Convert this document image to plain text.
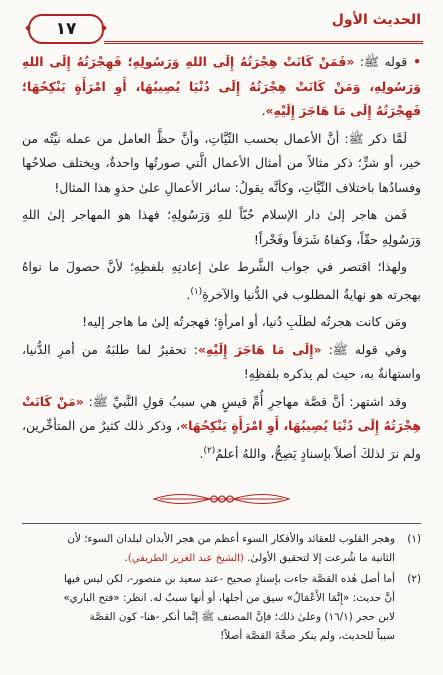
١٧	الحديث الأول

• قوله ﷺ: «فَمَنْ كَانَتْ هِجْرَتُهُ إِلَى اللهِ وَرَسُولِهِ؛ فَهِجْرَتُهُ إِلَى اللهِ وَرَسُولِهِ، وَمَنْ كَانَتْ هِجْرَتُهُ إِلَى دُنْيَا يُصِيبُهَا، أَوِ امْرَأَةٍ يَنْكِحُهَا؛ فَهِجْرَتُهُ إِلَى مَا هَاجَرَ إِلَيْهِ».

لَمَّا ذكر ﷺ: أنَّ الأعمال بحسب النِّيَّاتِ، وأنَّ حظَّ العامل من عمله نيَّتُه من خير، أو شرٍّ؛ ذكر مثالاً من أمثال الأعمال الَّتي صورتُها واحدةٌ، ويختلف صلاحُها وفسادُها باختلاف النِّيَّاتِ، وكأنَّه يقولُ: سائر الأعمالِ علىٰ حذوِ هذا المثال!

فَمن هاجر إلىٰ دار الإسلام حُبّاً للهِ وَرَسُولِهِ؛ فهذا هو المهاجر إلىٰ اللهِ وَرَسُولِهِ حقّاً، وكفاهُ شَرَفاً وفَخْراً!

ولهذا؛ اقتصر في جواب الشَّرط علىٰ إعادتِهِ بلفظِهِ؛ لأنَّ حصولَ ما نواهُ بهجرته هو نهايةُ المطلوب في الدُّنيا والآخرةِ$^{(١)}$.

ومَن كانت هجرتُه لطلَبِ دُنيا، أو امرأةٍ؛ فهجرتُه إلىٰ ما هاجر إليه!

وفي قوله ﷺ: «إِلَى مَا هَاجَرَ إِلَيْهِ»: تحقيرٌ لما طلبَهُ من أمرِ الدُّنيا، واستهانةٌ به، حيث لم يذكره بلفظِهِ!

وقد اشتهر: أنَّ قصَّة مهاجرِ أُمِّ قيسٍ هي سببُ قولِ النَّبيِّ ﷺ: «مَنْ كَانَتْ هِجْرَتُهُ إِلَى دُنْيَا يُصِيبُهَا، أَوِ امْرَأَةٍ يَنْكِحُهَا»، وذكر ذلك كثيرٌ من المتأخِّرين، ولم نرَ لذلكَ أصلاً بإسنادٍ يَصِحُّ، واللهُ أعلمُ$^{(٢)}$.

(١)
وهجر القلوب للعقائد والأفكار السوء أعظم من هجر الأبدان لبلدان السوء؛ لأن
الثانية ما شُرعت إلا لتحقيق الأولىٰ. (الشيخ عبد العزيز الطريفي).
(٢)
أما أصل هٰذه القصَّة جاءت بإسنادٍ صحيح -عند سعيد بن منصور-، لكن ليس فيها
أنَّ حديث: «إِنَّمَا الأَعْمَالُ» سيق من أجلها، أو أنها سببٌ له. انظر: «فتح الباري»
لابن حجر (١٦/١) وعلىٰ ذلك؛ فإنَّ المصنف ﷺ إنَّما أنكر -هنا- كون القصَّة
سبباً للحديث، ولم ينكر صحَّةَ القصَّة أصلاً!
